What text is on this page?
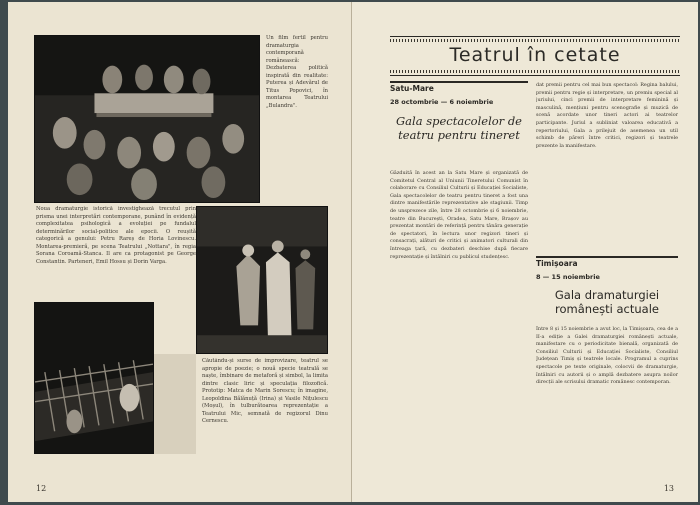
Un film fertil pentru dramaturgia contemporană românească: Dezbaterea politică inspirată din realitate: Puterea și Adevărul de Titus Popovici, în montarea Teatrului „Bulandra".
Noua dramaturgie istorică investighează trecutul prin prisma unei interpretări contemporane, punând în evidență complexitatea psihologică a evoluției pe fundalul determinărilor social-politice ale epocii. O reușită categorică a genului: Petru Rareș de Horia Lovinescu. Montarea-premieră, pe scena Teatrului „Nottara", în regia Sorana Coroamă-Stanca. Il are ca protagonist pe George Constantin. Parteneri, Emil Hossu și Dorin Varga.
Căutându-și surse de improvizare, teatrul se apropie de poezie; o nouă specie teatrală se naște, îmbinare de metaforă și simbol, la limita dintre clasic liric și speculația filozofică. Prototip: Matca de Marin Sorescu; în imagine, Leopoldina Bălănuță (Irina) și Vasile Nițulescu (Moșul), în tulburătoarea reprezentație a Teatrului Mic, semnată de regizorul Dinu Cernescu.
12
Teatrul în cetate
Satu-Mare
28 octombrie — 6 noiembrie
Gala spectacolelor de teatru pentru tineret
Găzduită în acest an la Satu Mare și organizată de Comitetul Central al Uniunii Tineretului Comunist în colaborare cu Consiliul Culturii și Educației Socialiste, Gala spectacolelor de teatru pentru tineret a fost una dintre manifestările reprezentative ale stagiunii. Timp de unsprezece zile, între 28 octombrie și 6 noiembrie, teatre din București, Oradea, Satu Mare, Brașov au prezentat montări de referință pentru tânăra generație de spectatori, în lectura unor regizori tineri și consacrați, alături de critici și animatori culturali din întreaga țară, cu dezbateri deschise după fiecare reprezentație și întâlniri cu publicul studențesc.
dat premii pentru cel mai bun spectacol: Regina balului, premii pentru regie și interpretare, un premiu special al juriului, cinci premii de interpretare feminină și masculină, mențiuni pentru scenografie și muzică de scenă acordate unor tineri actori ai teatrelor participante. Juriul a subliniat valoarea educativă a repertoriului, Gala a prilejuit de asemenea un util schimb de păreri între critici, regizori și teatrele prezente la manifestare.
Timișoara
8 — 15 noiembrie
Gala dramaturgiei românești actuale
Între 8 și 15 noiembrie a avut loc, la Timișoara, cea de a II-a ediție a Galei dramaturgiei românești actuale, manifestare cu o periodicitate bienală, organizată de Consiliul Culturii și Educației Socialiste, Consiliul Județean Timiș și teatrele locale. Programul a cuprins spectacole pe texte originale, colocvii de dramaturgie, întâlniri cu autorii și o amplă dezbatere asupra noilor direcții ale scrisului dramatic românesc contemporan.
13
